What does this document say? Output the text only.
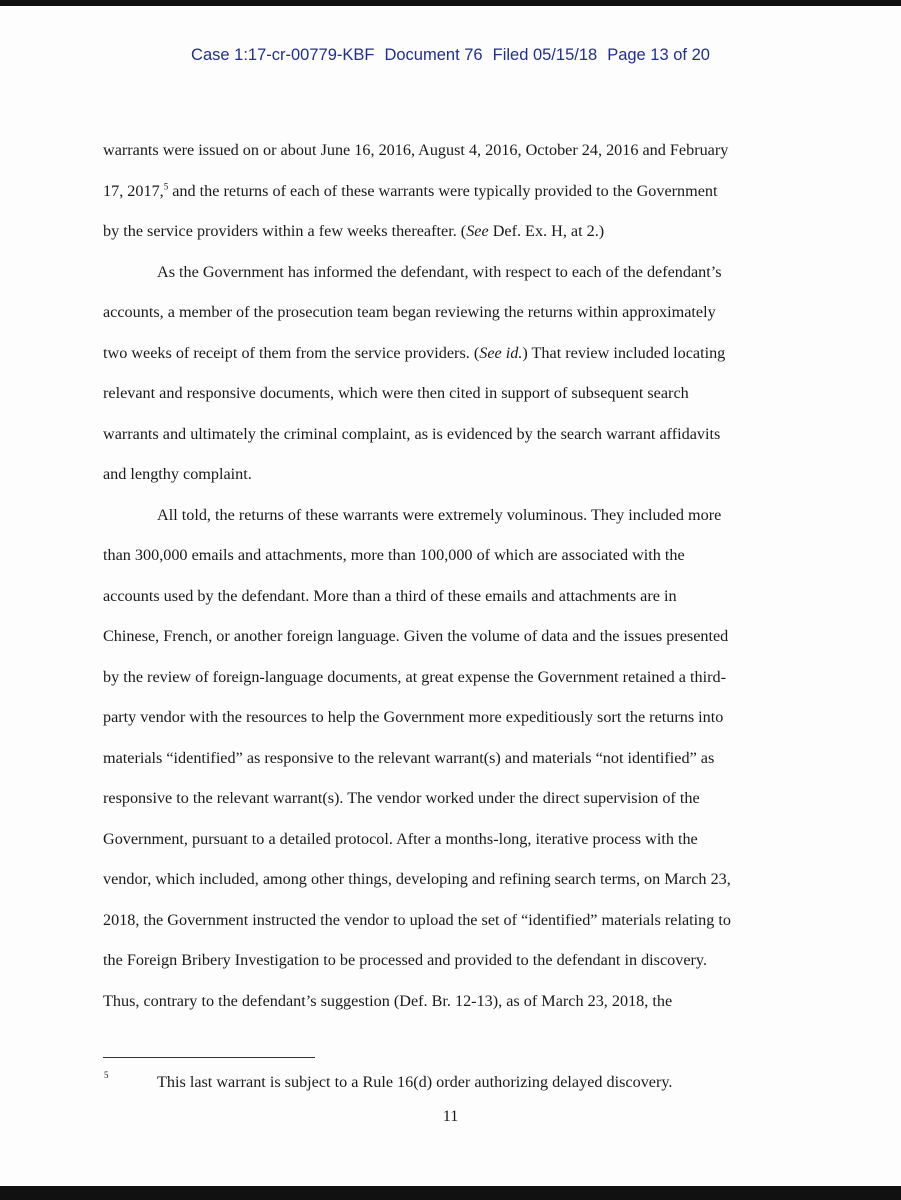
Case 1:17-cr-00779-KBF Document 76 Filed 05/15/18 Page 13 of 20
warrants were issued on or about June 16, 2016, August 4, 2016, October 24, 2016 and February
17, 2017,$^5$ and the returns of each of these warrants were typically provided to the Government
by the service providers within a few weeks thereafter. (See Def. Ex. H, at 2.)
As the Government has informed the defendant, with respect to each of the defendant’s
accounts, a member of the prosecution team began reviewing the returns within approximately
two weeks of receipt of them from the service providers. (See id.) That review included locating
relevant and responsive documents, which were then cited in support of subsequent search
warrants and ultimately the criminal complaint, as is evidenced by the search warrant affidavits
and lengthy complaint.
All told, the returns of these warrants were extremely voluminous. They included more
than 300,000 emails and attachments, more than 100,000 of which are associated with the
accounts used by the defendant. More than a third of these emails and attachments are in
Chinese, French, or another foreign language. Given the volume of data and the issues presented
by the review of foreign-language documents, at great expense the Government retained a third-
party vendor with the resources to help the Government more expeditiously sort the returns into
materials “identified” as responsive to the relevant warrant(s) and materials “not identified” as
responsive to the relevant warrant(s). The vendor worked under the direct supervision of the
Government, pursuant to a detailed protocol. After a months-long, iterative process with the
vendor, which included, among other things, developing and refining search terms, on March 23,
2018, the Government instructed the vendor to upload the set of “identified” materials relating to
the Foreign Bribery Investigation to be processed and provided to the defendant in discovery.
Thus, contrary to the defendant’s suggestion (Def. Br. 12-13), as of March 23, 2018, the
5	This last warrant is subject to a Rule 16(d) order authorizing delayed discovery.
11
